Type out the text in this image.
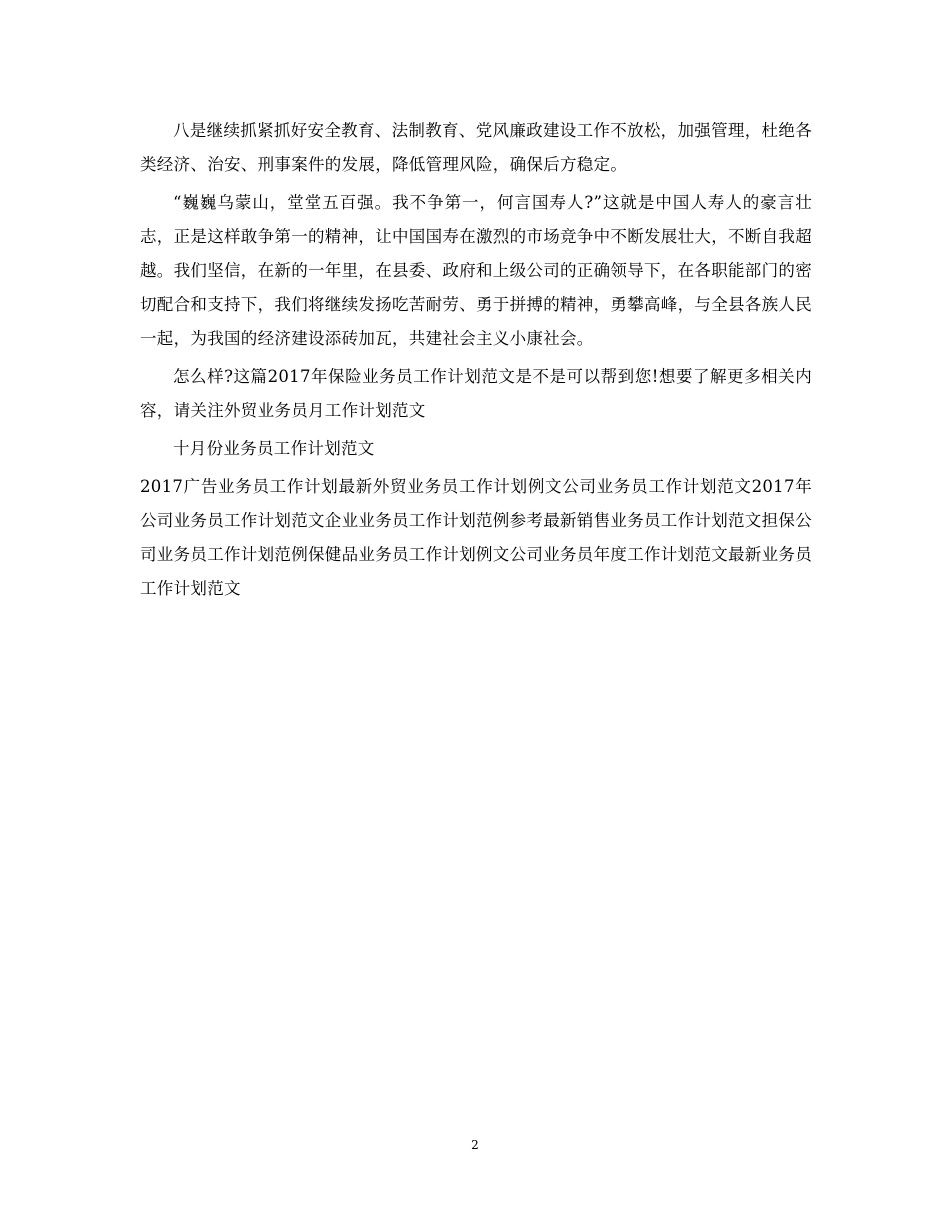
八是继续抓紧抓好安全教育、法制教育、党风廉政建设工作不放松，加强管理，杜绝各类经济、治安、刑事案件的发展，降低管理风险，确保后方稳定。

“巍巍乌蒙山，堂堂五百强。我不争第一，何言国寿人?”这就是中国人寿人的豪言壮志，正是这样敢争第一的精神，让中国国寿在激烈的市场竞争中不断发展壮大，不断自我超越。我们坚信，在新的一年里，在县委、政府和上级公司的正确领导下，在各职能部门的密切配合和支持下，我们将继续发扬吃苦耐劳、勇于拼搏的精神，勇攀高峰，与全县各族人民一起，为我国的经济建设添砖加瓦，共建社会主义小康社会。

怎么样?这篇2017年保险业务员工作计划范文是不是可以帮到您!想要了解更多相关内容，请关注外贸业务员月工作计划范文

十月份业务员工作计划范文

2017广告业务员工作计划最新外贸业务员工作计划例文公司业务员工作计划范文2017年公司业务员工作计划范文企业业务员工作计划范例参考最新销售业务员工作计划范文担保公司业务员工作计划范例保健品业务员工作计划例文公司业务员年度工作计划范文最新业务员工作计划范文

2
